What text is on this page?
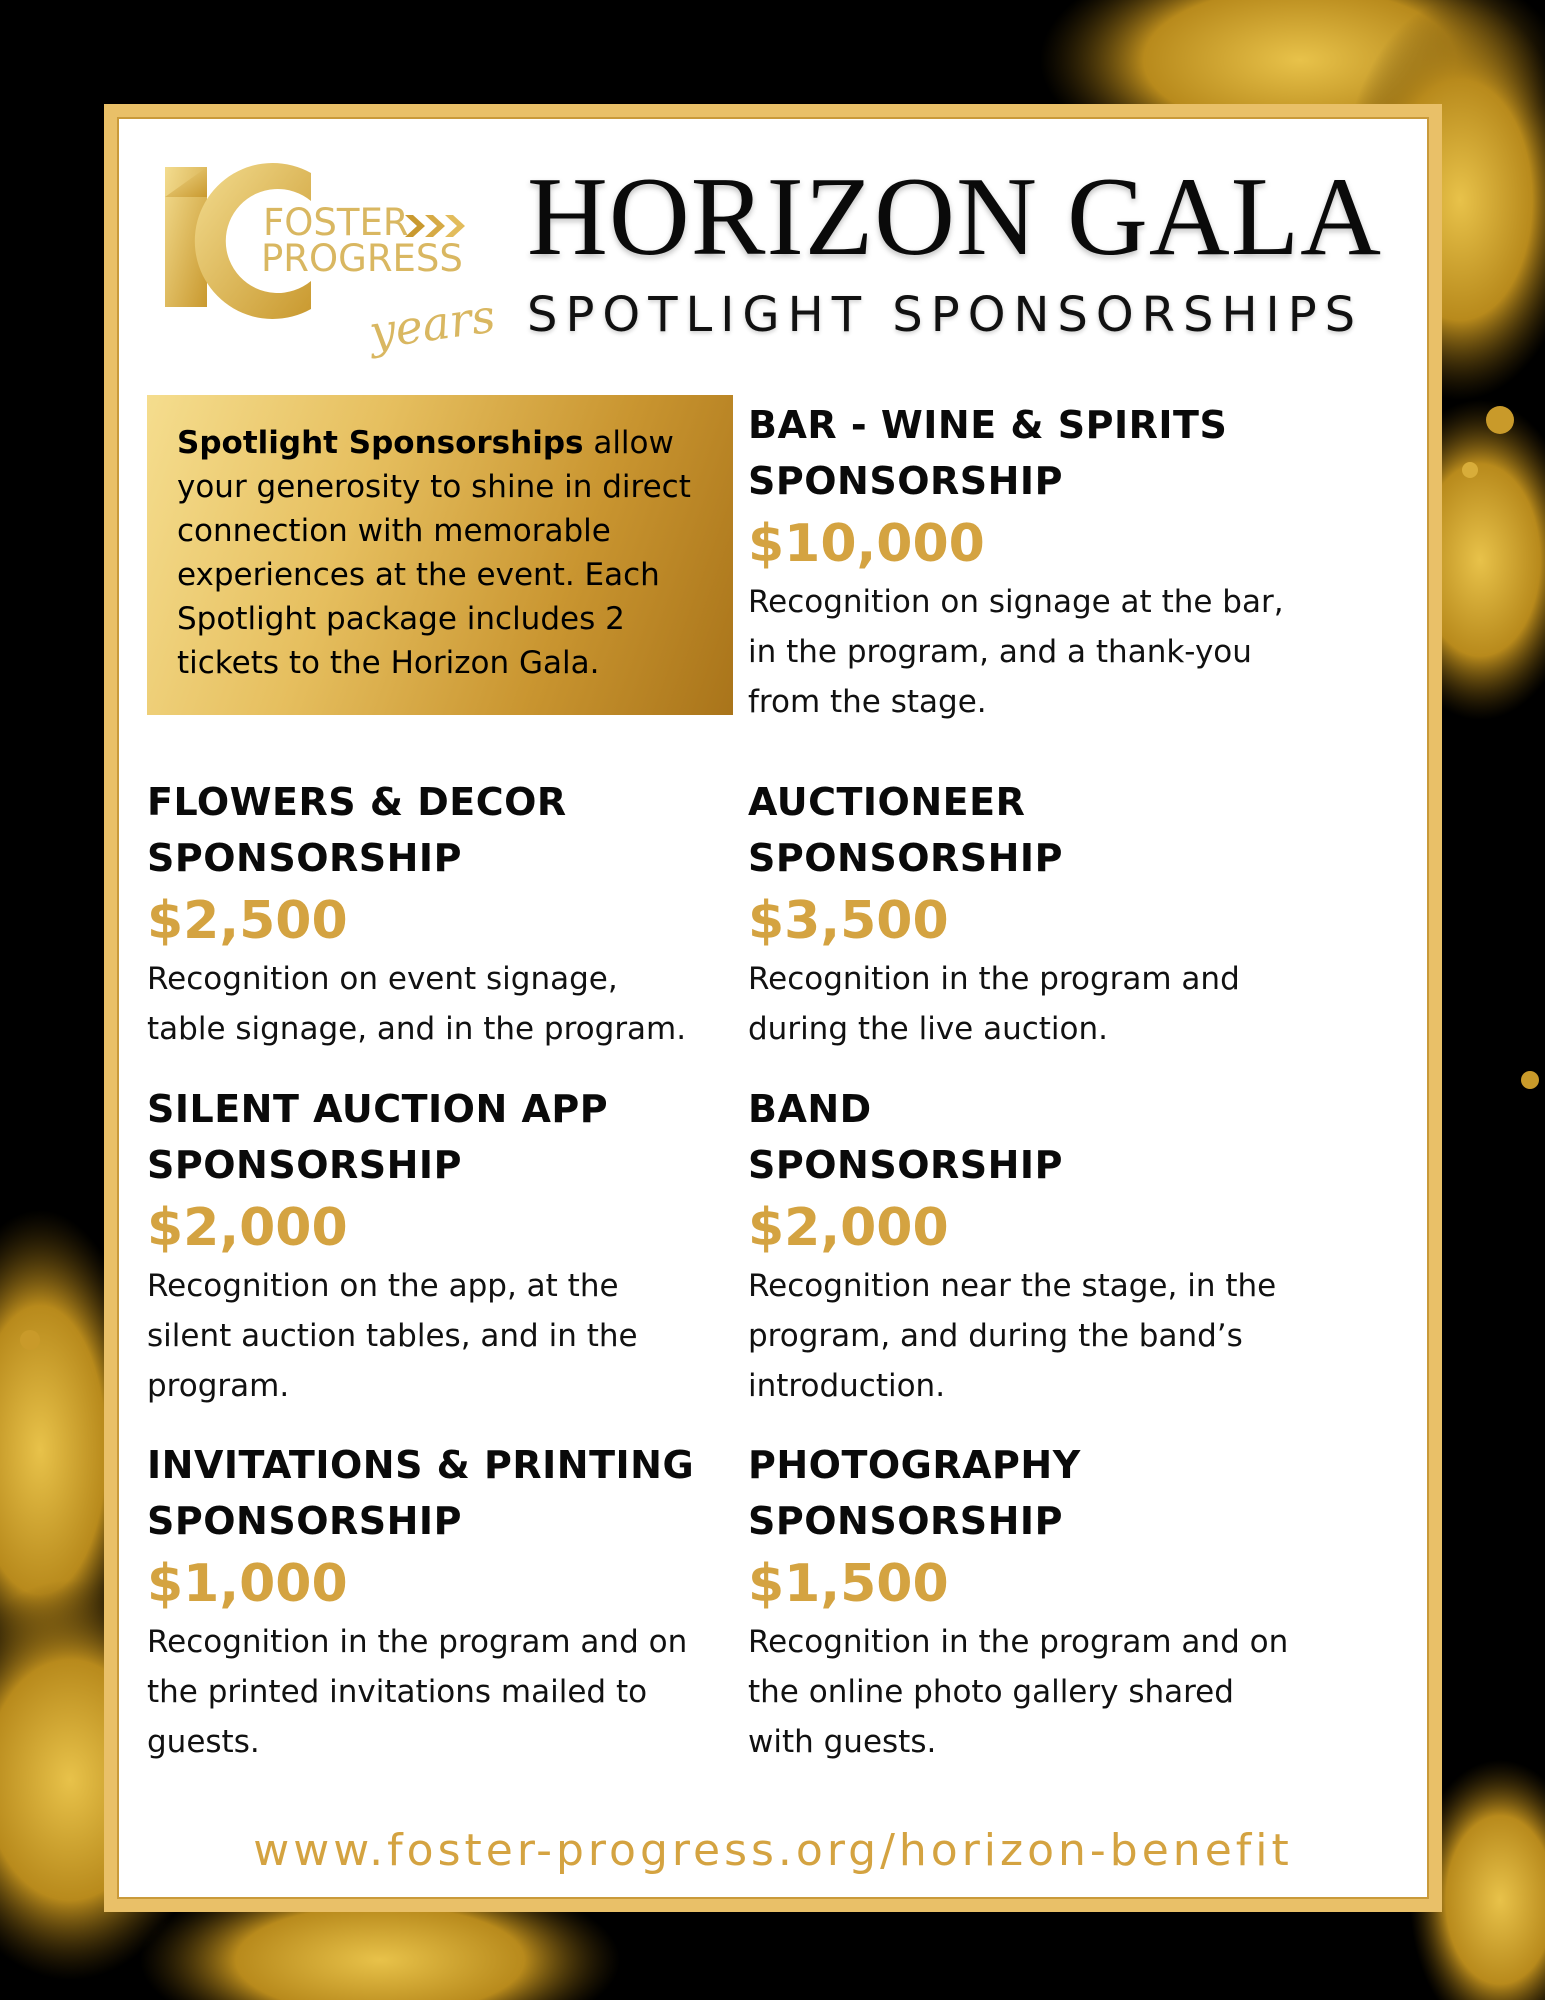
FOSTER
PROGRESS
years
HORIZON GALA
SPOTLIGHT SPONSORSHIPS
Spotlight Sponsorships allow your generosity to shine in direct connection with memorable experiences at the event. Each Spotlight package includes 2 tickets to the Horizon Gala.
BAR - WINE & SPIRITS
SPONSORSHIP
$10,000
Recognition on signage at the bar,
in the program, and a thank-you
from the stage.
FLOWERS & DECOR
SPONSORSHIP
$2,500
Recognition on event signage,
table signage, and in the program.
AUCTIONEER
SPONSORSHIP
$3,500
Recognition in the program and
during the live auction.
SILENT AUCTION APP
SPONSORSHIP
$2,000
Recognition on the app, at the
silent auction tables, and in the
program.
BAND
SPONSORSHIP
$2,000
Recognition near the stage, in the
program, and during the band’s
introduction.
INVITATIONS & PRINTING
SPONSORSHIP
$1,000
Recognition in the program and on
the printed invitations mailed to
guests.
PHOTOGRAPHY
SPONSORSHIP
$1,500
Recognition in the program and on
the online photo gallery shared
with guests.
www.foster-progress.org/horizon-benefit
